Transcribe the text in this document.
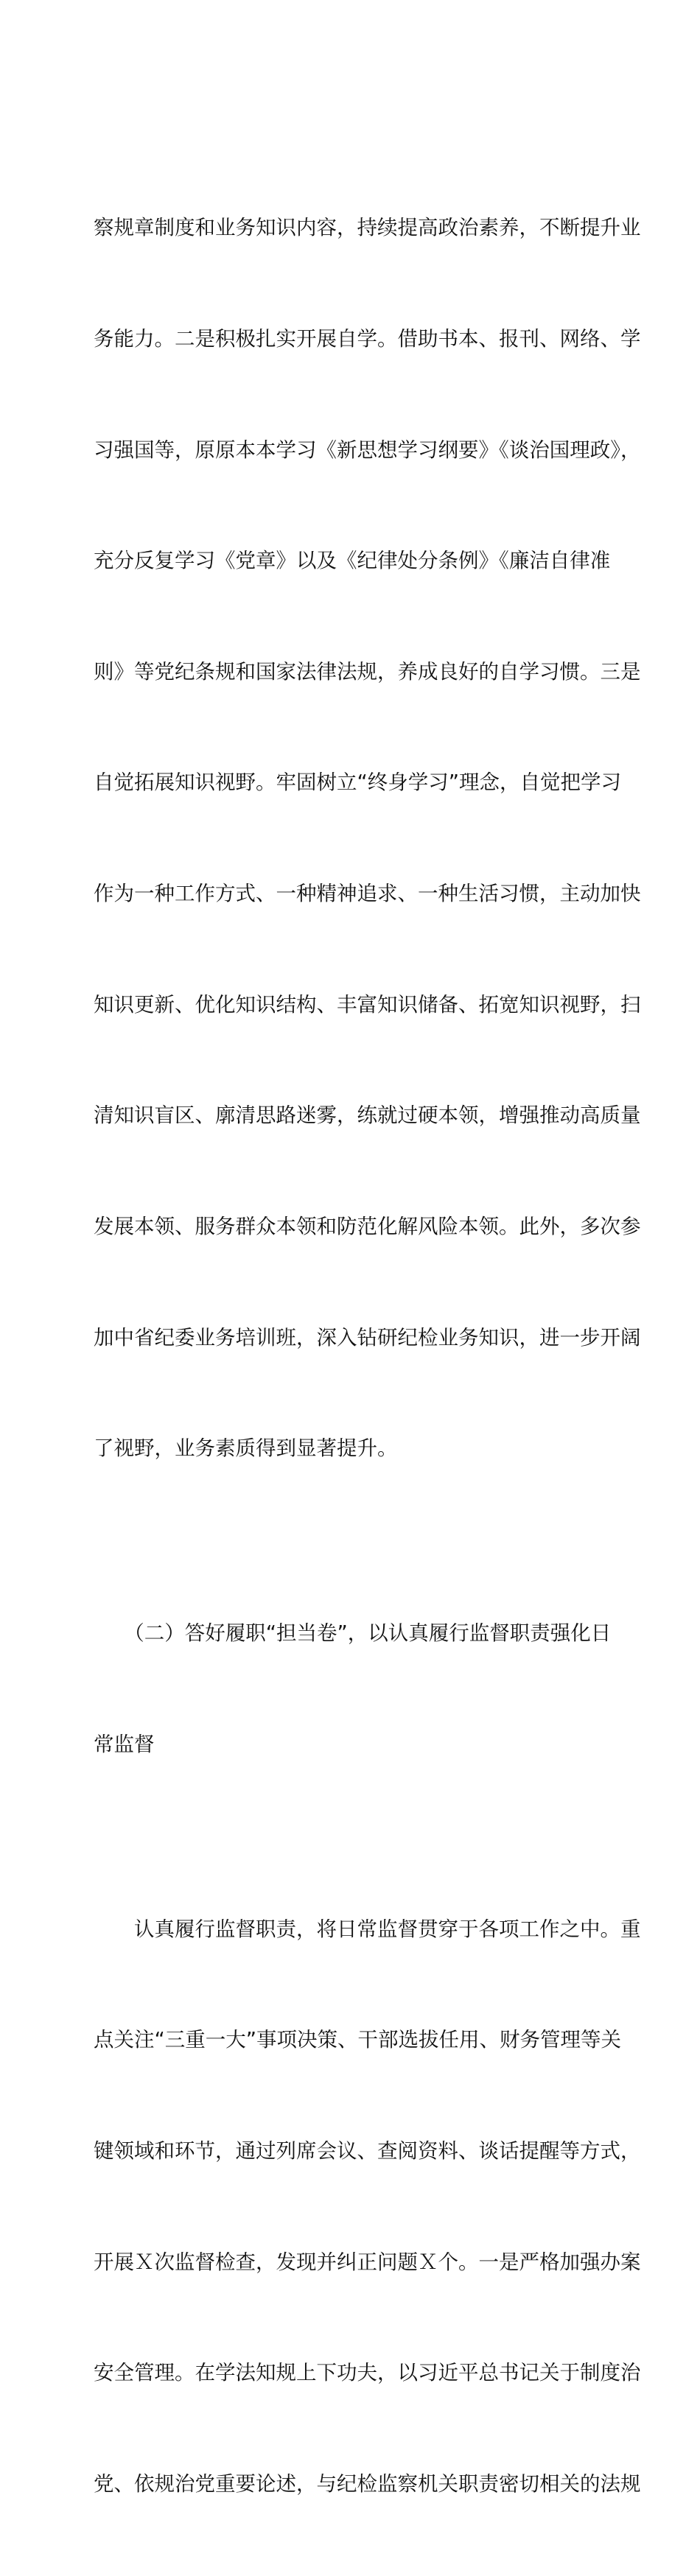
察规章制度和业务知识内容，持续提高政治素养，不断提升业

务能力。二是积极扎实开展自学。借助书本、报刊、网络、学

习强国等，原原本本学习《新思想学习纲要》《谈治国理政》，

充分反复学习《党章》以及《纪律处分条例》《廉洁自律准

则》等党纪条规和国家法律法规，养成良好的自学习惯。三是

自觉拓展知识视野。牢固树立“终身学习”理念，自觉把学习

作为一种工作方式、一种精神追求、一种生活习惯，主动加快

知识更新、优化知识结构、丰富知识储备、拓宽知识视野，扫

清知识盲区、廓清思路迷雾，练就过硬本领，增强推动高质量

发展本领、服务群众本领和防范化解风险本领。此外，多次参

加中省纪委业务培训班，深入钻研纪检业务知识，进一步开阔

了视野，业务素质得到显著提升。

　　（二）答好履职“担当卷”，以认真履行监督职责强化日

常监督

　　认真履行监督职责，将日常监督贯穿于各项工作之中。重

点关注“三重一大”事项决策、干部选拔任用、财务管理等关

键领域和环节，通过列席会议、查阅资料、谈话提醒等方式，

开展Ｘ次监督检查，发现并纠正问题Ｘ个。一是严格加强办案

安全管理。在学法知规上下功夫，以习近平总书记关于制度治

党、依规治党重要论述，与纪检监察机关职责密切相关的法规
